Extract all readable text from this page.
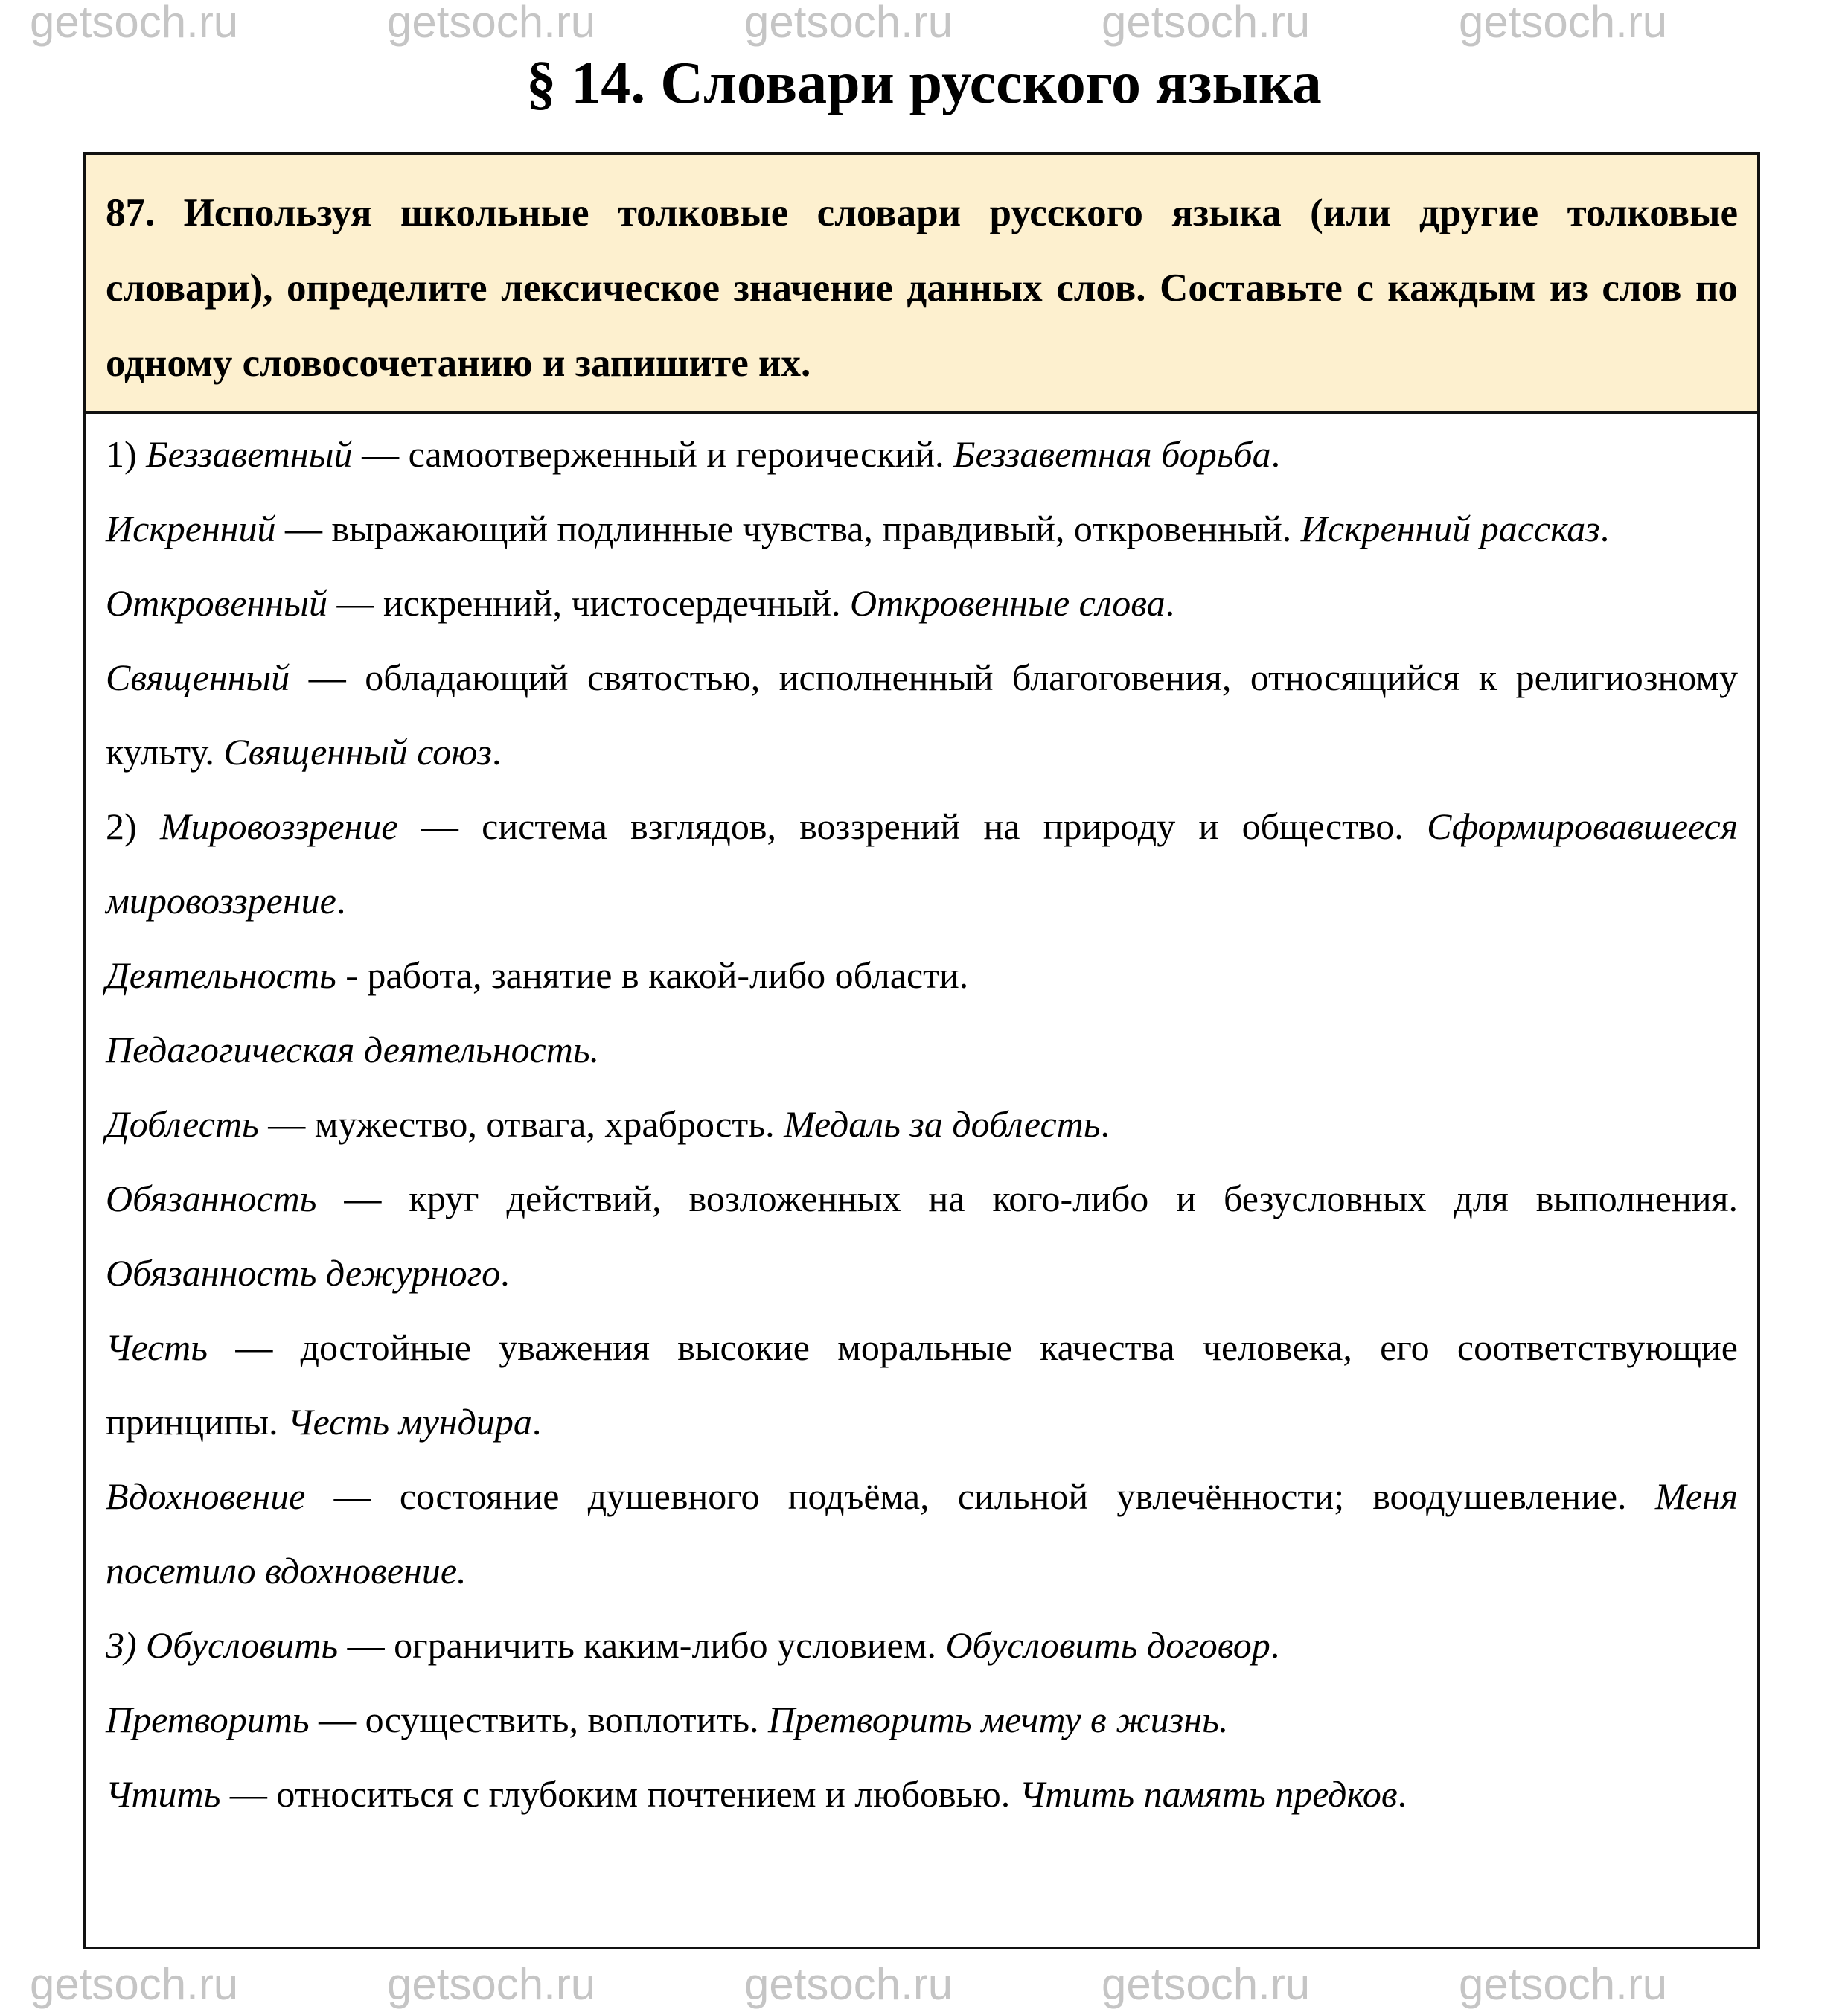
§ 14. Словари русского языка
87. Используя школьные толковые словари русского языка (или другие толковые словари), определите лексическое значение данных слов. Составьте с каждым из слов по одному словосочетанию и запишите их.

1) Беззаветный — самоотверженный и героический. Беззаветная борьба.

Искренний — выражающий подлинные чувства, правдивый, откровенный. Искренний рассказ.

Откровенный — искренний, чистосердечный. Откровенные слова.

Священный — обладающий святостью, исполненный благоговения, относящийся к религиозному культу. Священный союз.

2) Мировоззрение — система взглядов, воззрений на природу и общество. Сформировавшееся мировоззрение.

Деятельность - работа, занятие в какой-либо области.

Педагогическая деятельность.

Доблесть — мужество, отвага, храбрость. Медаль за доблесть.

Обязанность — круг действий, возложенных на кого-либо и безусловных для выполнения. Обязанность дежурного.

Честь — достойные уважения высокие моральные качества человека, его соответствующие принципы. Честь мундира.

Вдохновение — состояние душевного подъёма, сильной увлечённости; воодушевление. Меня посетило вдохновение.

3) Обусловить — ограничить каким-либо условием. Обусловить договор.

Претворить — осуществить, воплотить. Претворить мечту в жизнь.

Чтить — относиться с глубоким почтением и любовью. Чтить память предков.

getsoch.ru	getsoch.ru	getsoch.ru	getsoch.ru	getsoch.ru
getsoch.ru	getsoch.ru	getsoch.ru	getsoch.ru	getsoch.ru
